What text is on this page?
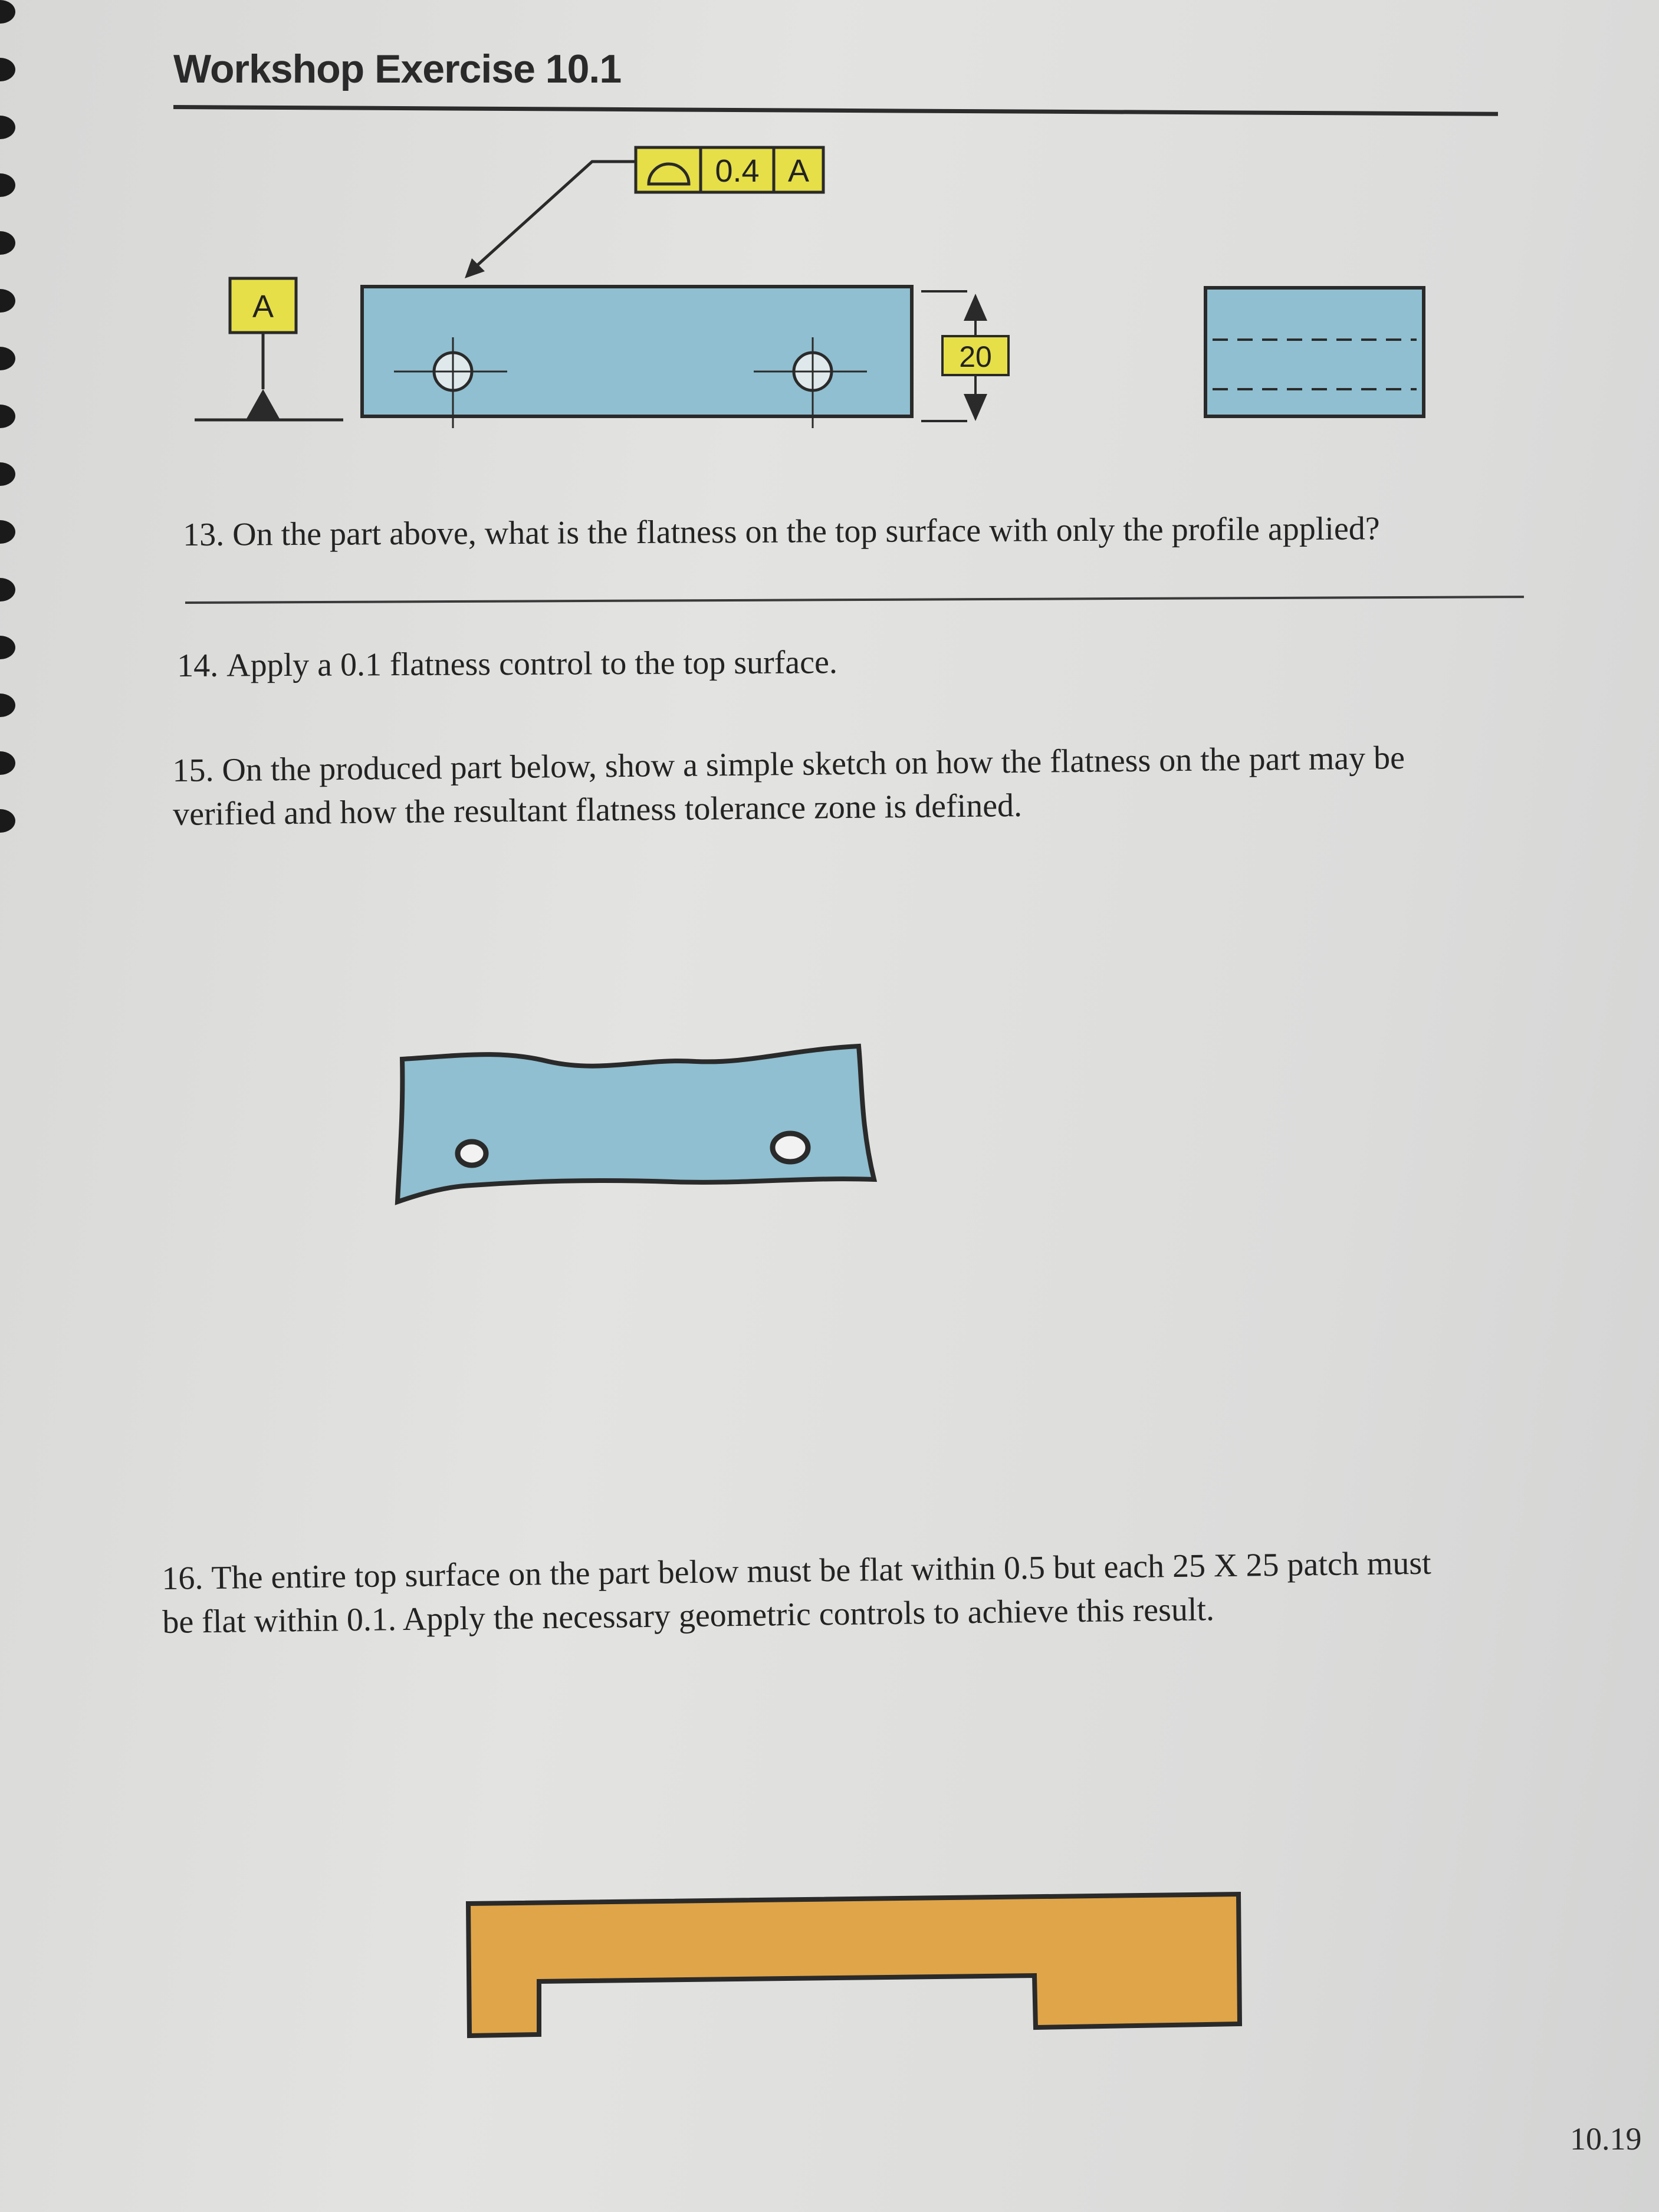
Workshop Exercise 10.1
0.4 A
A
20
13. On the part above, what is the flatness on the top surface with only the profile applied?
14. Apply a 0.1 flatness control to the top surface.
15. On the produced part below, show a simple sketch on how the flatness on the part may be
verified and how the resultant flatness tolerance zone is defined.
16. The entire top surface on the part below must be flat within 0.5 but each 25 X 25 patch must
be flat within 0.1. Apply the necessary geometric controls to achieve this result.
10.19
